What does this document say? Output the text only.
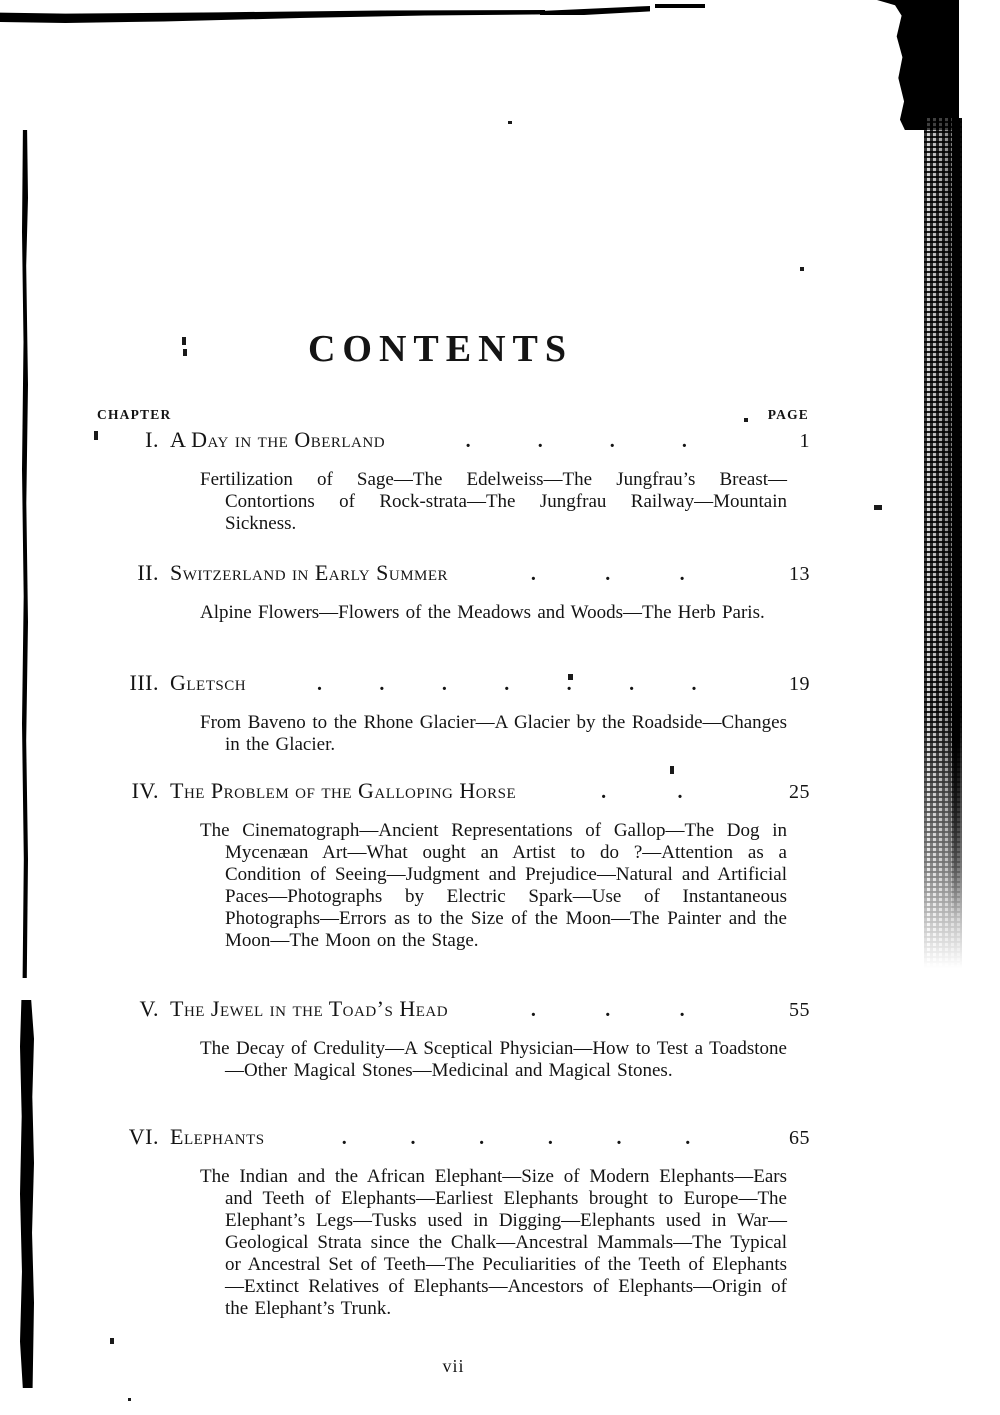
CONTENTS
CHAPTER	PAGE
I. A Day in the Oberland	.	.	.	.	1

Fertilization of Sage—The Edelweiss—The Jungfrau’s Breast—Contortions of Rock-strata—The Jungfrau Railway—Mountain Sickness.

II. Switzerland in Early Summer	.	.	.	13

Alpine Flowers—Flowers of the Meadows and Woods—The Herb Paris.

III. Gletsch	.	.	.	.	.	.	.	19

From Baveno to the Rhone Glacier—A Glacier by the Roadside—Changes in the Glacier.

IV. The Problem of the Galloping Horse	.	.	25

The Cinematograph—Ancient Representations of Gallop—The Dog in Mycenæan Art—What ought an Artist to do ?—Attention as a Condition of Seeing—Judgment and Prejudice—Natural and Artificial Paces—Photographs by Electric Spark—Use of Instantaneous Photographs—Errors as to the Size of the Moon—The Painter and the Moon—The Moon on the Stage.

V. The Jewel in the Toad’s Head	.	.	.	55

The Decay of Credulity—A Sceptical Physician—How to Test a Toadstone—Other Magical Stones—Medicinal and Magical Stones.

VI. Elephants	.	.	.	.	.	.	65

The Indian and the African Elephant—Size of Modern Elephants—Ears and Teeth of Elephants—Earliest Elephants brought to Europe—The Elephant’s Legs—Tusks used in Digging—Elephants used in War—Geological Strata since the Chalk—Ancestral Mammals—The Typical or Ancestral Set of Teeth—The Peculiarities of the Teeth of Elephants—Extinct Relatives of Elephants—Ancestors of Elephants—Origin of the Elephant’s Trunk.

vii
